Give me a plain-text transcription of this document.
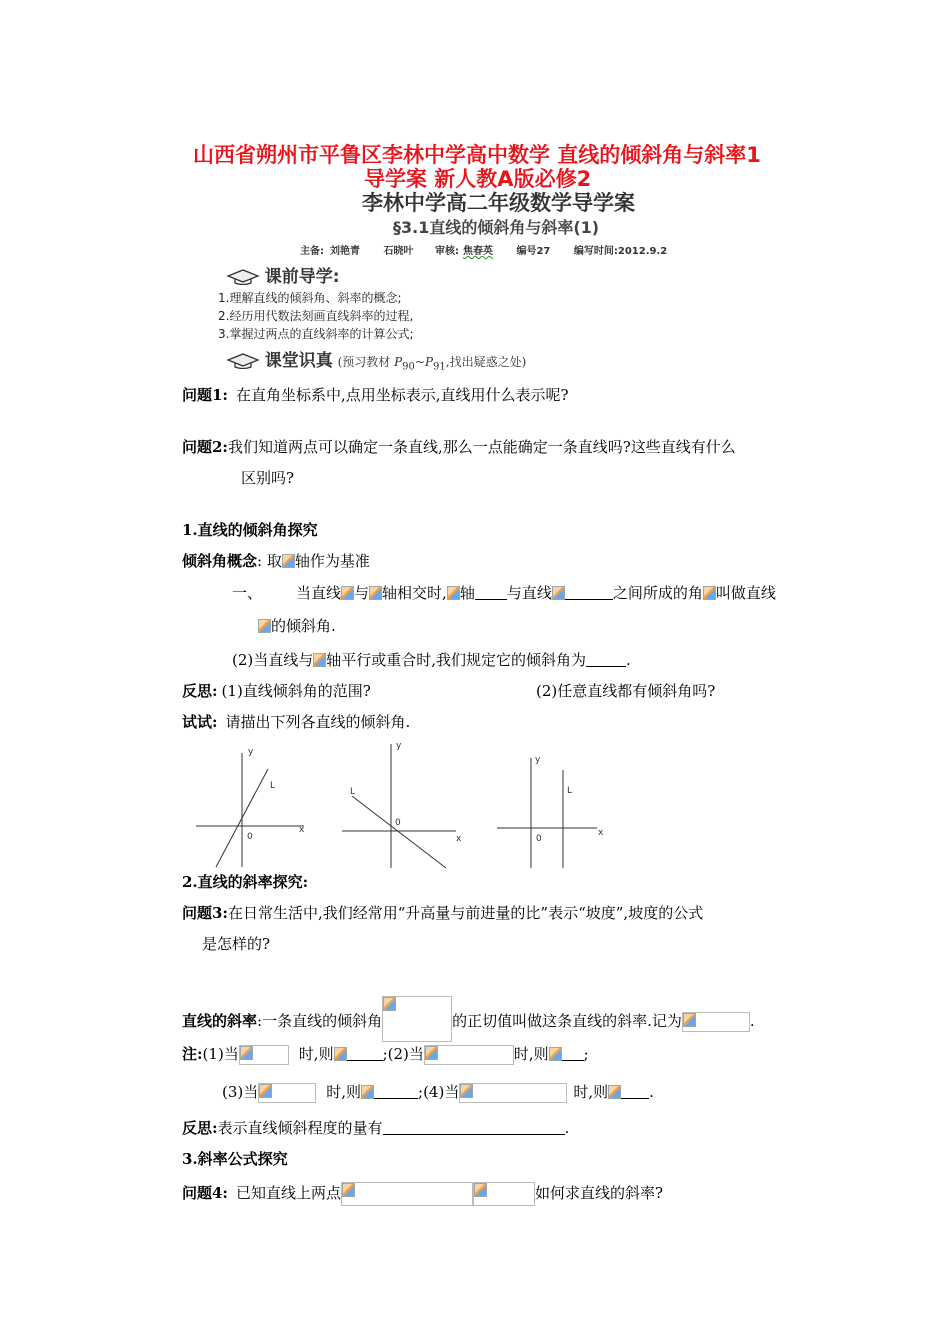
山西省朔州市平鲁区李林中学高中数学 直线的倾斜角与斜率1
导学案 新人教A版必修2
李林中学高二年级数学导学案
§3.1直线的倾斜角与斜率(1)
主备: 刘艳青 石晓叶 审核: 焦春英 编号27 编写时间:2012.9.2
课前导学:
1.理解直线的倾斜角、斜率的概念;
2.经历用代数法刻画直线斜率的过程,
3.掌握过两点的直线斜率的计算公式;
课堂识真 (预习教材 $P_{90}\sim P_{91}$,找出疑惑之处)
问题1: 在直角坐标系中,点用坐标表示,直线用什么表示呢?
问题2:我们知道两点可以确定一条直线,那么一点能确定一条直线吗?这些直线有什么
区别吗?
1.直线的倾斜角探究
倾斜角概念: 取 轴作为基准
一、 当直线 与 轴相交时, 轴 与直线	之间所成的角 叫做直线
的倾斜角.
(2)当直线与 轴平行或重合时,我们规定它的倾斜角为	.
反思: (1)直线倾斜角的范围?	(2)任意直线都有倾斜角吗?
试试: 请描出下列各直线的倾斜角.
y
x
0
L
y
x
0
L
y
x
0
L
2.直线的斜率探究:
问题3:在日常生活中,我们经常用“升高量与前进量的比”表示“坡度”,坡度的公式
是怎样的?
直线的斜率:一条直线的倾斜角	的正切值叫做这条直线的斜率.记为	.
注:(1)当	时,则	;(2)当	时,则 ;
(3)当	时,则	;(4)当	时,则	.
反思:表示直线倾斜程度的量有	.
3.斜率公式探究
问题4: 已知直线上两点	如何求直线的斜率?
